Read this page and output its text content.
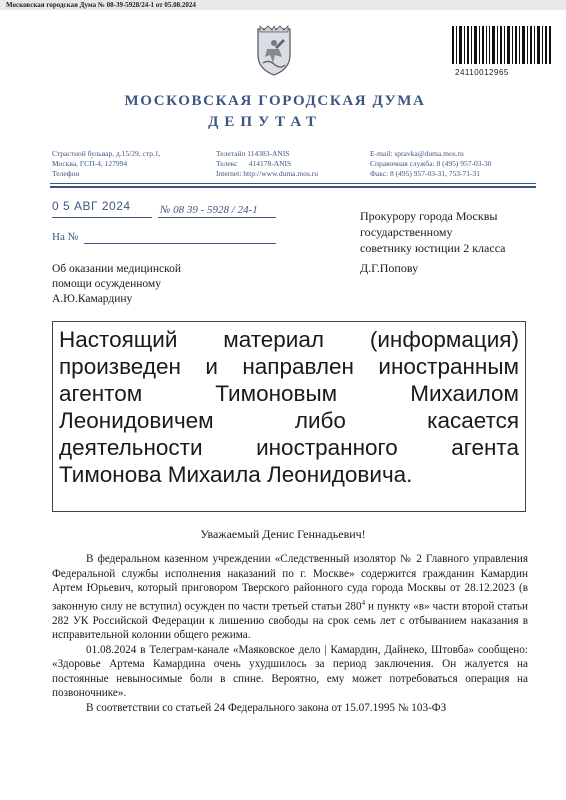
Московская городская Дума № 08-39-5928/24-1 от 05.08.2024
24110012965
МОСКОВСКАЯ ГОРОДСКАЯ ДУМА
ДЕПУТАТ
Страстной бульвар, д.15/29, стр.1,
Москва, ГСП-4, 127994
Телефон
Телетайп 114383-ANIS
Телекс      414178-ANIS
Internet: http://www.duma.mos.ru
E-mail: spravka@duma.mos.ru
Справочная служба: 8 (495) 957-03-30
Факс: 8 (495) 957-03-31, 753-71-31
0 5 АВГ 2024	№ 08 39 - 5928 / 24-1
На №
Об оказании медицинской
помощи осужденному
А.Ю.Камардину
Прокурору города Москвы
государственному
советнику юстиции 2 класса
Д.Г.Попову
Настоящий материал (информация)
произведен и направлен иностранным
агентом Тимоновым Михаилом
Леонидовичем либо касается
деятельности иностранного агента
Тимонова Михаила Леонидовича.
Уважаемый Денис Геннадьевич!

В федеральном казенном учреждении «Следственный изолятор № 2 Главного управления Федеральной службы исполнения наказаний по г. Москве» содержится гражданин Камардин Артем Юрьевич, который приговором Тверского районного суда города Москвы от 28.12.2023 (в законную силу не вступил) осужден по части третьей статьи $280^4$ и пункту «в» части второй статьи 282 УК Российской Федерации к лишению свободы на срок семь лет с отбыванием наказания в исправительной колонии общего режима.

01.08.2024 в Телеграм-канале «Маяковское дело | Камардин, Дайнеко, Штовба» сообщено: «Здоровье Артема Камардина очень ухудшилось за период заключения. Он жалуется на постоянные невыносимые боли в спине. Вероятно, ему может потребоваться операция на позвоночнике».

В соответствии со статьей 24 Федерального закона от 15.07.1995 № 103-ФЗ
